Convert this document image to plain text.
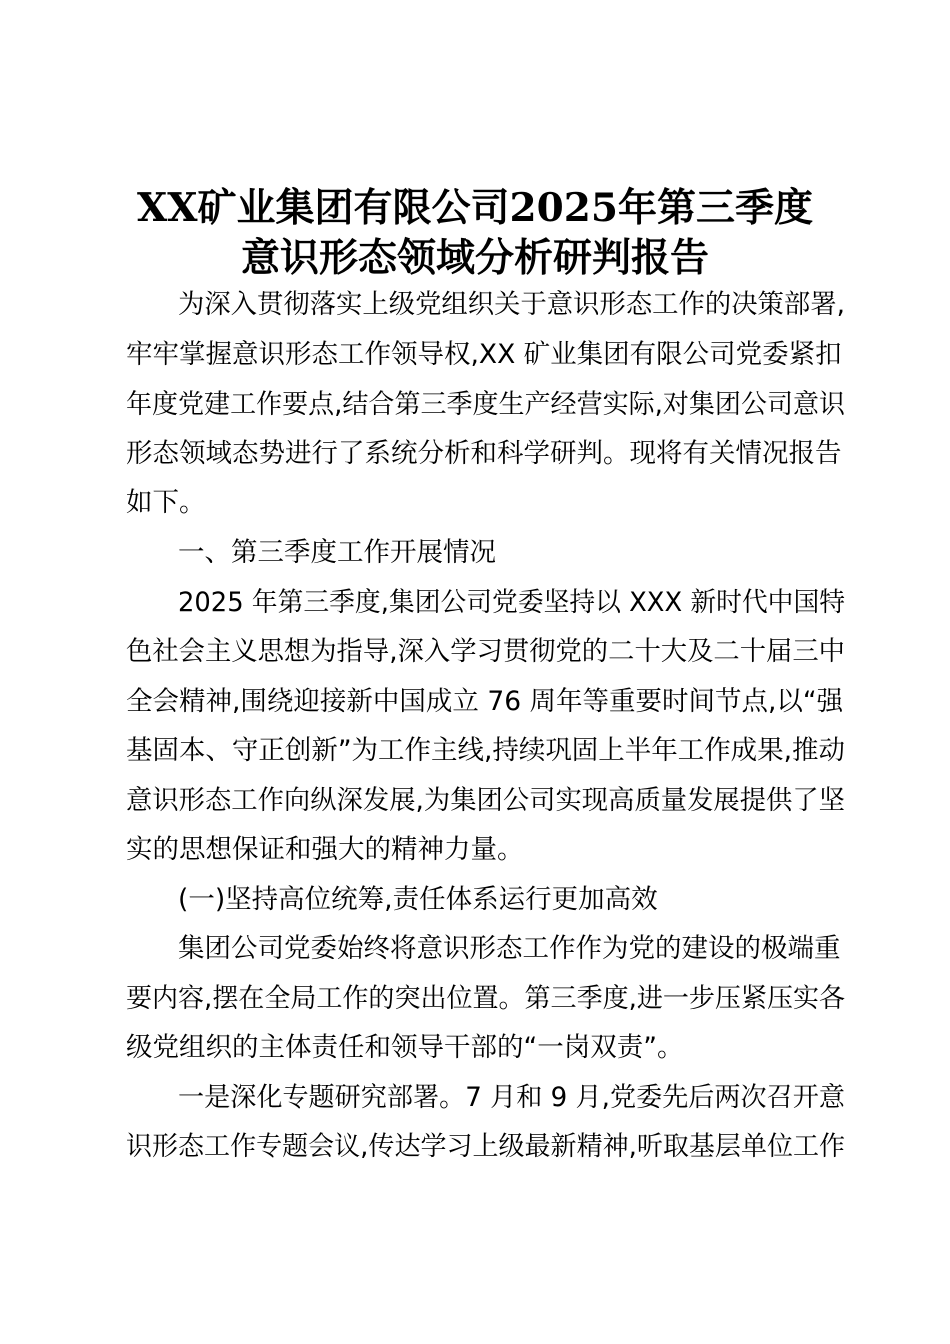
XX矿业集团有限公司2025年第三季度
意识形态领域分析研判报告
为深入贯彻落实上级党组织关于意识形态工作的决策部署,
牢牢掌握意识形态工作领导权,XX 矿业集团有限公司党委紧扣
年度党建工作要点,结合第三季度生产经营实际,对集团公司意识
形态领域态势进行了系统分析和科学研判。现将有关情况报告
如下。
一、第三季度工作开展情况
2025 年第三季度,集团公司党委坚持以 XXX 新时代中国特
色社会主义思想为指导,深入学习贯彻党的二十大及二十届三中
全会精神,围绕迎接新中国成立 76 周年等重要时间节点,以“强
基固本、守正创新”为工作主线,持续巩固上半年工作成果,推动
意识形态工作向纵深发展,为集团公司实现高质量发展提供了坚
实的思想保证和强大的精神力量。
(一)坚持高位统筹,责任体系运行更加高效
集团公司党委始终将意识形态工作作为党的建设的极端重
要内容,摆在全局工作的突出位置。第三季度,进一步压紧压实各
级党组织的主体责任和领导干部的“一岗双责”。
一是深化专题研究部署。7 月和 9 月,党委先后两次召开意
识形态工作专题会议,传达学习上级最新精神,听取基层单位工作
